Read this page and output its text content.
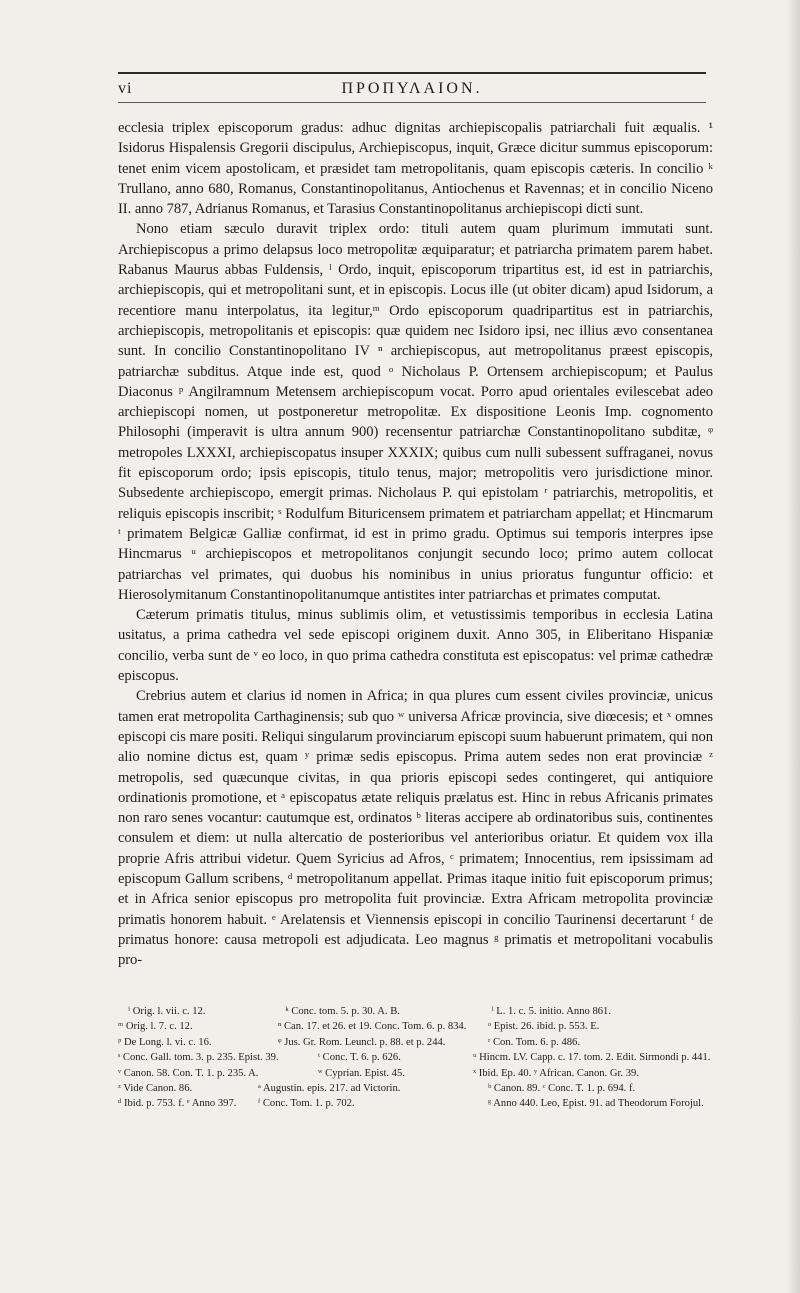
vi	ΠΡΟΠΥΛΑΙΟΝ.

ecclesia triplex episcoporum gradus: adhuc dignitas archiepiscopalis patriarchali fuit æqualis. ¹ Isidorus Hispalensis Gregorii discipulus, Archiepiscopus, inquit, Græce dicitur summus episcoporum: tenet enim vicem apostolicam, et præsidet tam metropolitanis, quam episcopis cæteris. In concilio ᵏ Trullano, anno 680, Romanus, Constantinopolitanus, Antiochenus et Ravennas; et in concilio Niceno II. anno 787, Adrianus Romanus, et Tarasius Constantinopolitanus archiepiscopi dicti sunt.

Nono etiam sæculo duravit triplex ordo: tituli autem quam plurimum immutati sunt. Archiepiscopus a primo delapsus loco metropolitæ æquiparatur; et patriarcha primatem parem habet. Rabanus Maurus abbas Fuldensis, ˡ Ordo, inquit, episcoporum tripartitus est, id est in patriarchis, archiepiscopis, qui et metropolitani sunt, et in episcopis. Locus ille (ut obiter dicam) apud Isidorum, a recentiore manu interpolatus, ita legitur,ᵐ Ordo episcoporum quadripartitus est in patriarchis, archiepiscopis, metropolitanis et episcopis: quæ quidem nec Isidoro ipsi, nec illius ævo consentanea sunt. In concilio Constantinopolitano IV ⁿ archiepiscopus, aut metropolitanus præest episcopis, patriarchæ subditus. Atque inde est, quod ᵒ Nicholaus P. Ortensem archiepiscopum; et Paulus Diaconus ᵖ Angilramnum Metensem archiepiscopum vocat. Porro apud orientales evilescebat adeo archiepiscopi nomen, ut postponeretur metropolitæ. Ex dispositione Leonis Imp. cognomento Philosophi (imperavit is ultra annum 900) recensentur patriarchæ Constantinopolitano subditæ, ᵠ metropoles LXXXI, archiepiscopatus insuper XXXIX; quibus cum nulli subessent suffraganei, novus fit episcoporum ordo; ipsis episcopis, titulo tenus, major; metropolitis vero jurisdictione minor. Subsedente archiepiscopo, emergit primas. Nicholaus P. qui epistolam ʳ patriarchis, metropolitis, et reliquis episcopis inscribit; ˢ Rodulfum Bituricensem primatem et patriarcham appellat; et Hincmarum ᵗ primatem Belgicæ Galliæ confirmat, id est in primo gradu. Optimus sui temporis interpres ipse Hincmarus ᵘ archiepiscopos et metropolitanos conjungit secundo loco; primo autem collocat patriarchas vel primates, qui duobus his nominibus in unius prioratus funguntur officio: et Hierosolymitanum Constantinopolitanumque antistites inter patriarchas et primates computat.

Cæterum primatis titulus, minus sublimis olim, et vetustissimis temporibus in ecclesia Latina usitatus, a prima cathedra vel sede episcopi originem duxit. Anno 305, in Eliberitano Hispaniæ concilio, verba sunt de ᵛ eo loco, in quo prima cathedra constituta est episcopatus: vel primæ cathedræ episcopus.

Crebrius autem et clarius id nomen in Africa; in qua plures cum essent civiles provinciæ, unicus tamen erat metropolita Carthaginensis; sub quo ʷ universa Africæ provincia, sive diœcesis; et ˣ omnes episcopi cis mare positi. Reliqui singularum provinciarum episcopi suum habuerunt primatem, qui non alio nomine dictus est, quam ʸ primæ sedis episcopus. Prima autem sedes non erat provinciæ ᶻ metropolis, sed quæcunque civitas, in qua prioris episcopi sedes contingeret, qui antiquiore ordinationis promotione, et ᵃ episcopatus ætate reliquis prælatus est. Hinc in rebus Africanis primates non raro senes vocantur: cautumque est, ordinatos ᵇ literas accipere ab ordinatoribus suis, continentes consulem et diem: ut nulla altercatio de posterioribus vel anterioribus oriatur. Et quidem vox illa proprie Afris attribui videtur. Quem Syricius ad Afros, ᶜ primatem; Innocentius, rem ipsissimam ad episcopum Gallum scribens, ᵈ metropolitanum appellat. Primas itaque initio fuit episcoporum primus; et in Africa senior episcopus pro metropolita fuit provinciæ. Extra Africam metropolita provinciæ primatis honorem habuit. ᵉ Arelatensis et Viennensis episcopi in concilio Taurinensi decertarunt ᶠ de primatus honore: causa metropoli est adjudicata. Leo magnus ᵍ primatis et metropolitani vocabulis pro-

ⁱ Orig. l. vii. c. 12.	ᵏ Conc. tom. 5. p. 30. A. B.	ˡ L. 1. c. 5. initio. Anno 861.
ᵐ Orig. l. 7. c. 12.	ⁿ Can. 17. et 26. et 19. Conc. Tom. 6. p. 834.	ᵒ Epist. 26. ibid. p. 553. E.
ᵖ De Long. l. vi. c. 16.	ᵠ Jus. Gr. Rom. Leuncl. p. 88. et p. 244.	ʳ Con. Tom. 6. p. 486.
ˢ Conc. Gall. tom. 3. p. 235. Epist. 39.	ᵗ Conc. T. 6. p. 626.	ᵘ Hincm. LV. Capp. c. 17. tom. 2. Edit. Sirmondi p. 441.
ᵛ Canon. 58. Con. T. 1. p. 235. A.	ʷ Cyprian. Epist. 45.	ˣ Ibid. Ep. 40. ʸ African. Canon. Gr. 39.
ᶻ Vide Canon. 86.	ᵃ Augustin. epis. 217. ad Victorin.	ᵇ Canon. 89. ᶜ Conc. T. 1. p. 694. f.
ᵈ Ibid. p. 753. f. ᵉ Anno 397.	ᶠ Conc. Tom. 1. p. 702.	ᵍ Anno 440. Leo, Epist. 91. ad Theodorum Forojul.
